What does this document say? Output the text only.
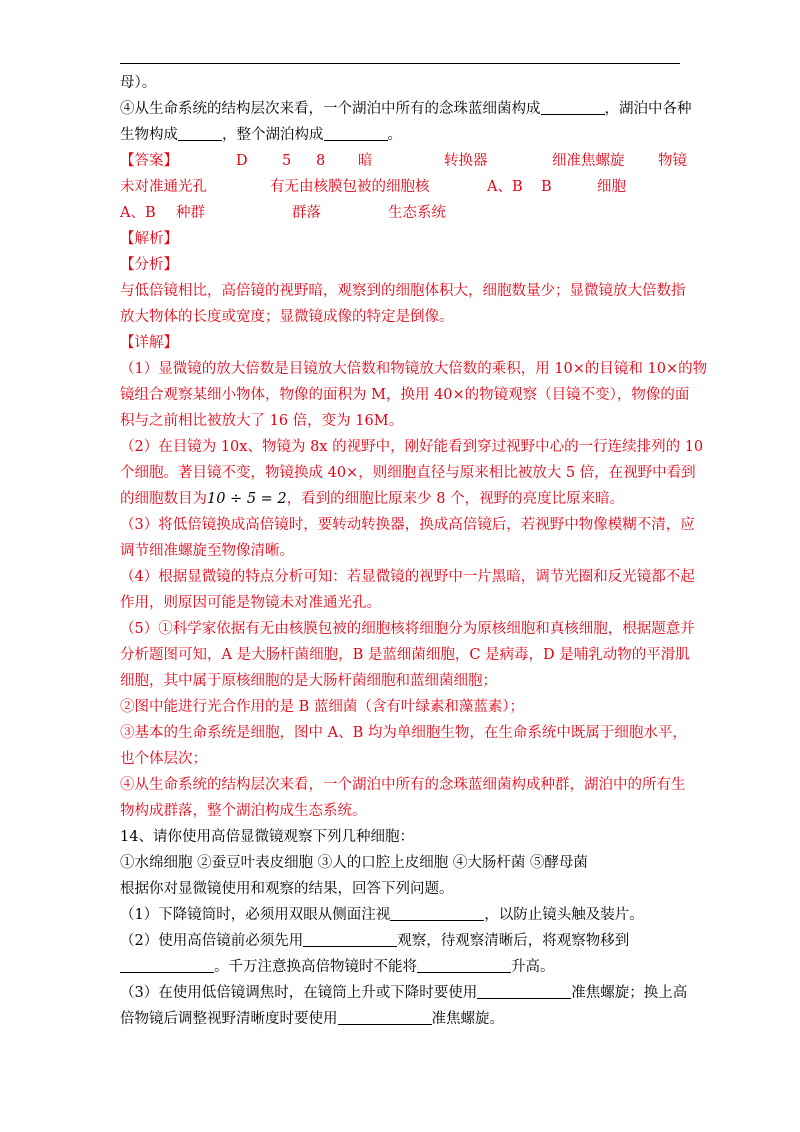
母）。
④从生命系统的结构层次来看，一个湖泊中所有的念珠蓝细菌构成	，湖泊中各种
生物构成	，整个湖泊构成	。
【答案】	D 5 8 暗	转换器	细准焦螺旋 物镜
未对准通光孔	有无由核膜包被的细胞核	A、B B	细胞
A、B 种群	群落	生态系统
【解析】
【分析】
与低倍镜相比，高倍镜的视野暗，观察到的细胞体积大，细胞数量少；显微镜放大倍数指
放大物体的长度或宽度；显微镜成像的特定是倒像。
【详解】
（1）显微镜的放大倍数是目镜放大倍数和物镜放大倍数的乘积，用 10×的目镜和 10×的物
镜组合观察某细小物体，物像的面积为 M，换用 40×的物镜观察（目镜不变），物像的面
积与之前相比被放大了 16 倍，变为 16M。
（2）在目镜为 10x、物镜为 8x 的视野中，刚好能看到穿过视野中心的一行连续排列的 10
个细胞。著目镜不变，物镜换成 40×，则细胞直径与原来相比被放大 5 倍，在视野中看到
的细胞数目为10 ÷ 5 = 2，看到的细胞比原来少 8 个，视野的亮度比原来暗。
（3）将低倍镜换成高倍镜时，要转动转换器，换成高倍镜后，若视野中物像模糊不清，应
调节细准螺旋至物像清晰。
（4）根据显微镜的特点分析可知：若显微镜的视野中一片黑暗，调节光圈和反光镜都不起
作用，则原因可能是物镜未对准通光孔。
（5）①科学家依据有无由核膜包被的细胞核将细胞分为原核细胞和真核细胞，根据题意并
分析题图可知，A 是大肠杆菌细胞，B 是蓝细菌细胞，C 是病毒，D 是哺乳动物的平滑肌
细胞，其中属于原核细胞的是大肠杆菌细胞和蓝细菌细胞；
②图中能进行光合作用的是 B 蓝细菌（含有叶绿素和藻蓝素）；
③基本的生命系统是细胞，图中 A、B 均为单细胞生物，在生命系统中既属于细胞水平，
也个体层次；
④从生命系统的结构层次来看，一个湖泊中所有的念珠蓝细菌构成种群，湖泊中的所有生
物构成群落，整个湖泊构成生态系统。
14、请你使用高倍显微镜观察下列几种细胞：
①水绵细胞 ②蚕豆叶表皮细胞 ③人的口腔上皮细胞 ④大肠杆菌 ⑤酵母菌
根据你对显微镜使用和观察的结果，回答下列问题。
（1）下降镜筒时，必须用双眼从侧面注视	，以防止镜头触及装片。
（2）使用高倍镜前必须先用	观察，待观察清晰后，将观察物移到
。千万注意换高倍物镜时不能将	升高。
（3）在使用低倍镜调焦时，在镜筒上升或下降时要使用	准焦螺旋；换上高
倍物镜后调整视野清晰度时要使用	准焦螺旋。
